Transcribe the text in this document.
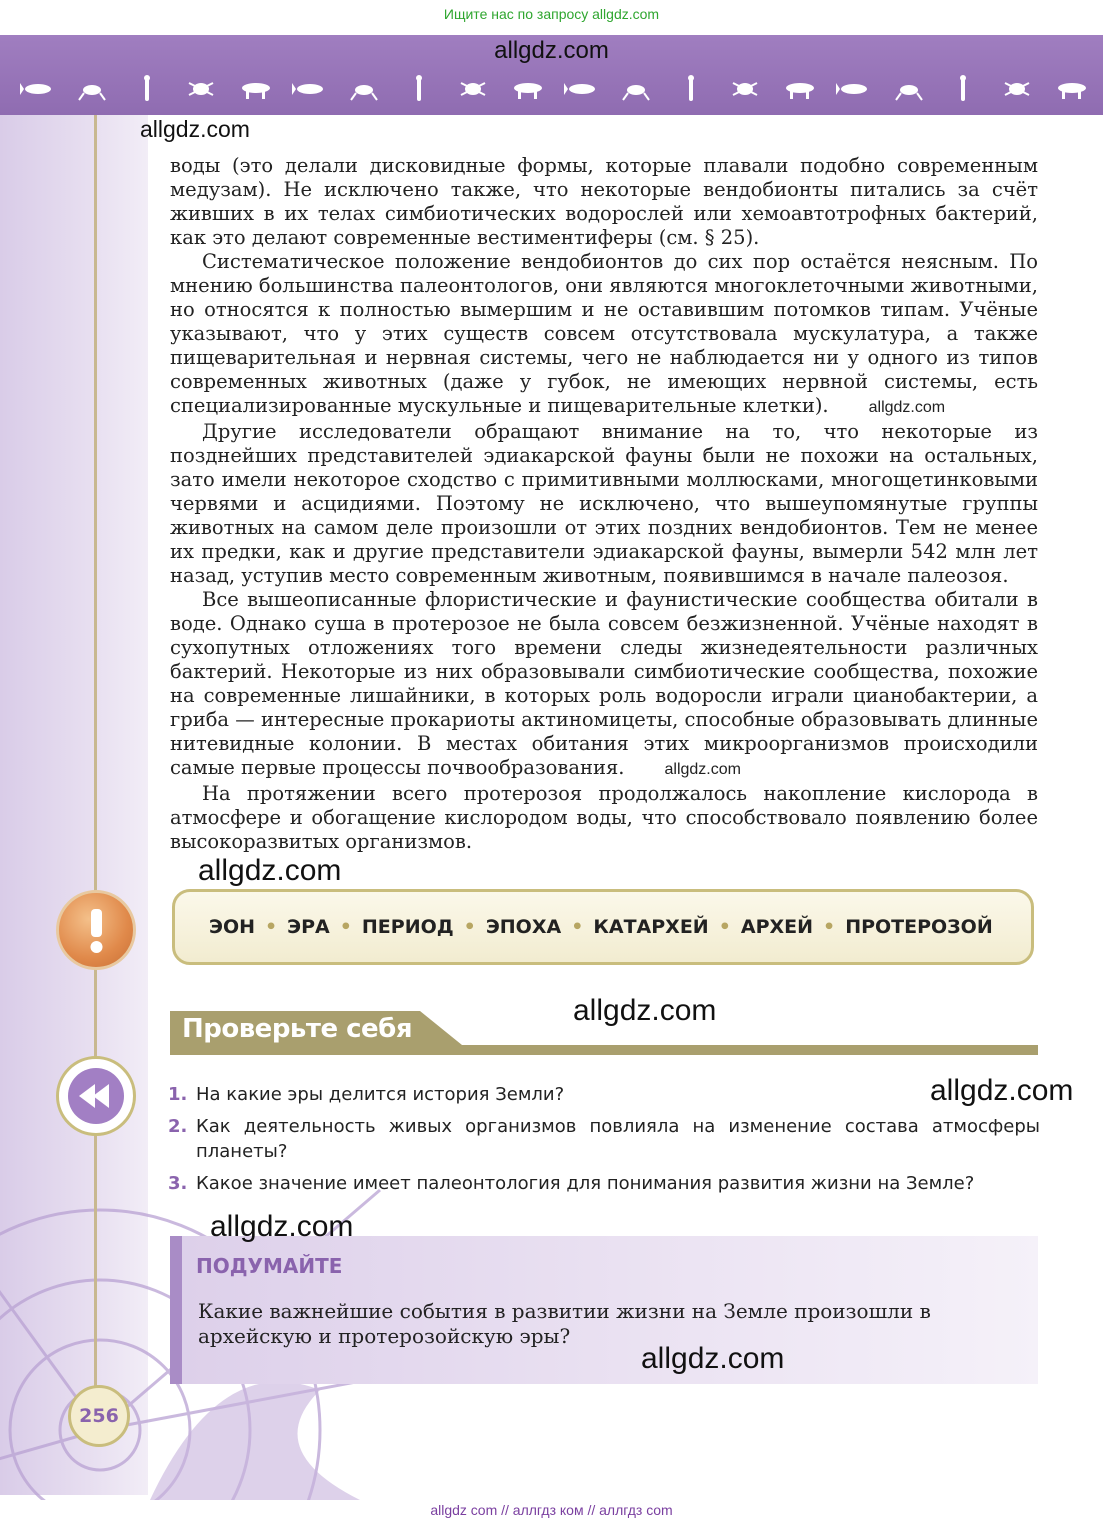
Ищите нас по запросу allgdz.com
allgdz.com
allgdz.com

воды (это делали дисковидные формы, которые плавали подобно современным медузам). Не исключено также, что некоторые вендобионты питались за счёт живших в их телах симбиотических водорослей или хемоавтотрофных бактерий, как это делают современные вестиментиферы (см. § 25).

Систематическое положение вендобионтов до сих пор остаётся неясным. По мнению большинства палеонтологов, они являются многоклеточными животными, но относятся к полностью вымершим и не оставившим потомков типам. Учёные указывают, что у этих существ совсем отсутствовала мускулатура, а также пищеварительная и нервная системы, чего не наблюдается ни у одного из типов современных животных (даже у губок, не имеющих нервной системы, есть специализированные мускульные и пищеварительные клетки).	allgdz.com

Другие исследователи обращают внимание на то, что некоторые из позднейших представителей эдиакарской фауны были не похожи на остальных, зато имели некоторое сходство с примитивными моллюсками, многощетинковыми червями и асцидиями. Поэтому не исключено, что вышеупомянутые группы животных на самом деле произошли от этих поздних вендобионтов. Тем не менее их предки, как и другие представители эдиакарской фауны, вымерли 542 млн лет назад, уступив место современным животным, появившимся в начале палеозоя.

Все вышеописанные флористические и фаунистические сообщества обитали в воде. Однако суша в протерозое не была совсем безжизненной. Учёные находят в сухопутных отложениях того времени следы жизнедеятельности различных бактерий. Некоторые из них образовывали симбиотические сообщества, похожие на современные лишайники, в которых роль водоросли играли цианобактерии, а гриба — интересные прокариоты актиномицеты, способные образовывать длинные нитевидные колонии. В местах обитания этих микроорганизмов происходили самые первые процессы почвообразования.	allgdz.com

На протяжении всего протерозоя продолжалось накопление кислорода в атмосфере и обогащение кислородом воды, что способствовало появлению более высокоразвитых организмов.

allgdz.com
ЭОН • ЭРА • ПЕРИОД • ЭПОХА • КАТАРХЕЙ • АРХЕЙ • ПРОТЕРОЗОЙ
Проверьте себя
allgdz.com
allgdz.com
1. На какие эры делится история Земли?
2. Как деятельность живых организмов повлияла на изменение состава атмосферы планеты?
3. Какое значение имеет палеонтология для понимания развития жизни на Земле?
allgdz.com
ПОДУМАЙТЕ
Какие важнейшие события в развитии жизни на Земле произошли в архейскую и протерозойскую эры?
allgdz.com
256
allgdz com // аллгдз ком // аллгдз com
